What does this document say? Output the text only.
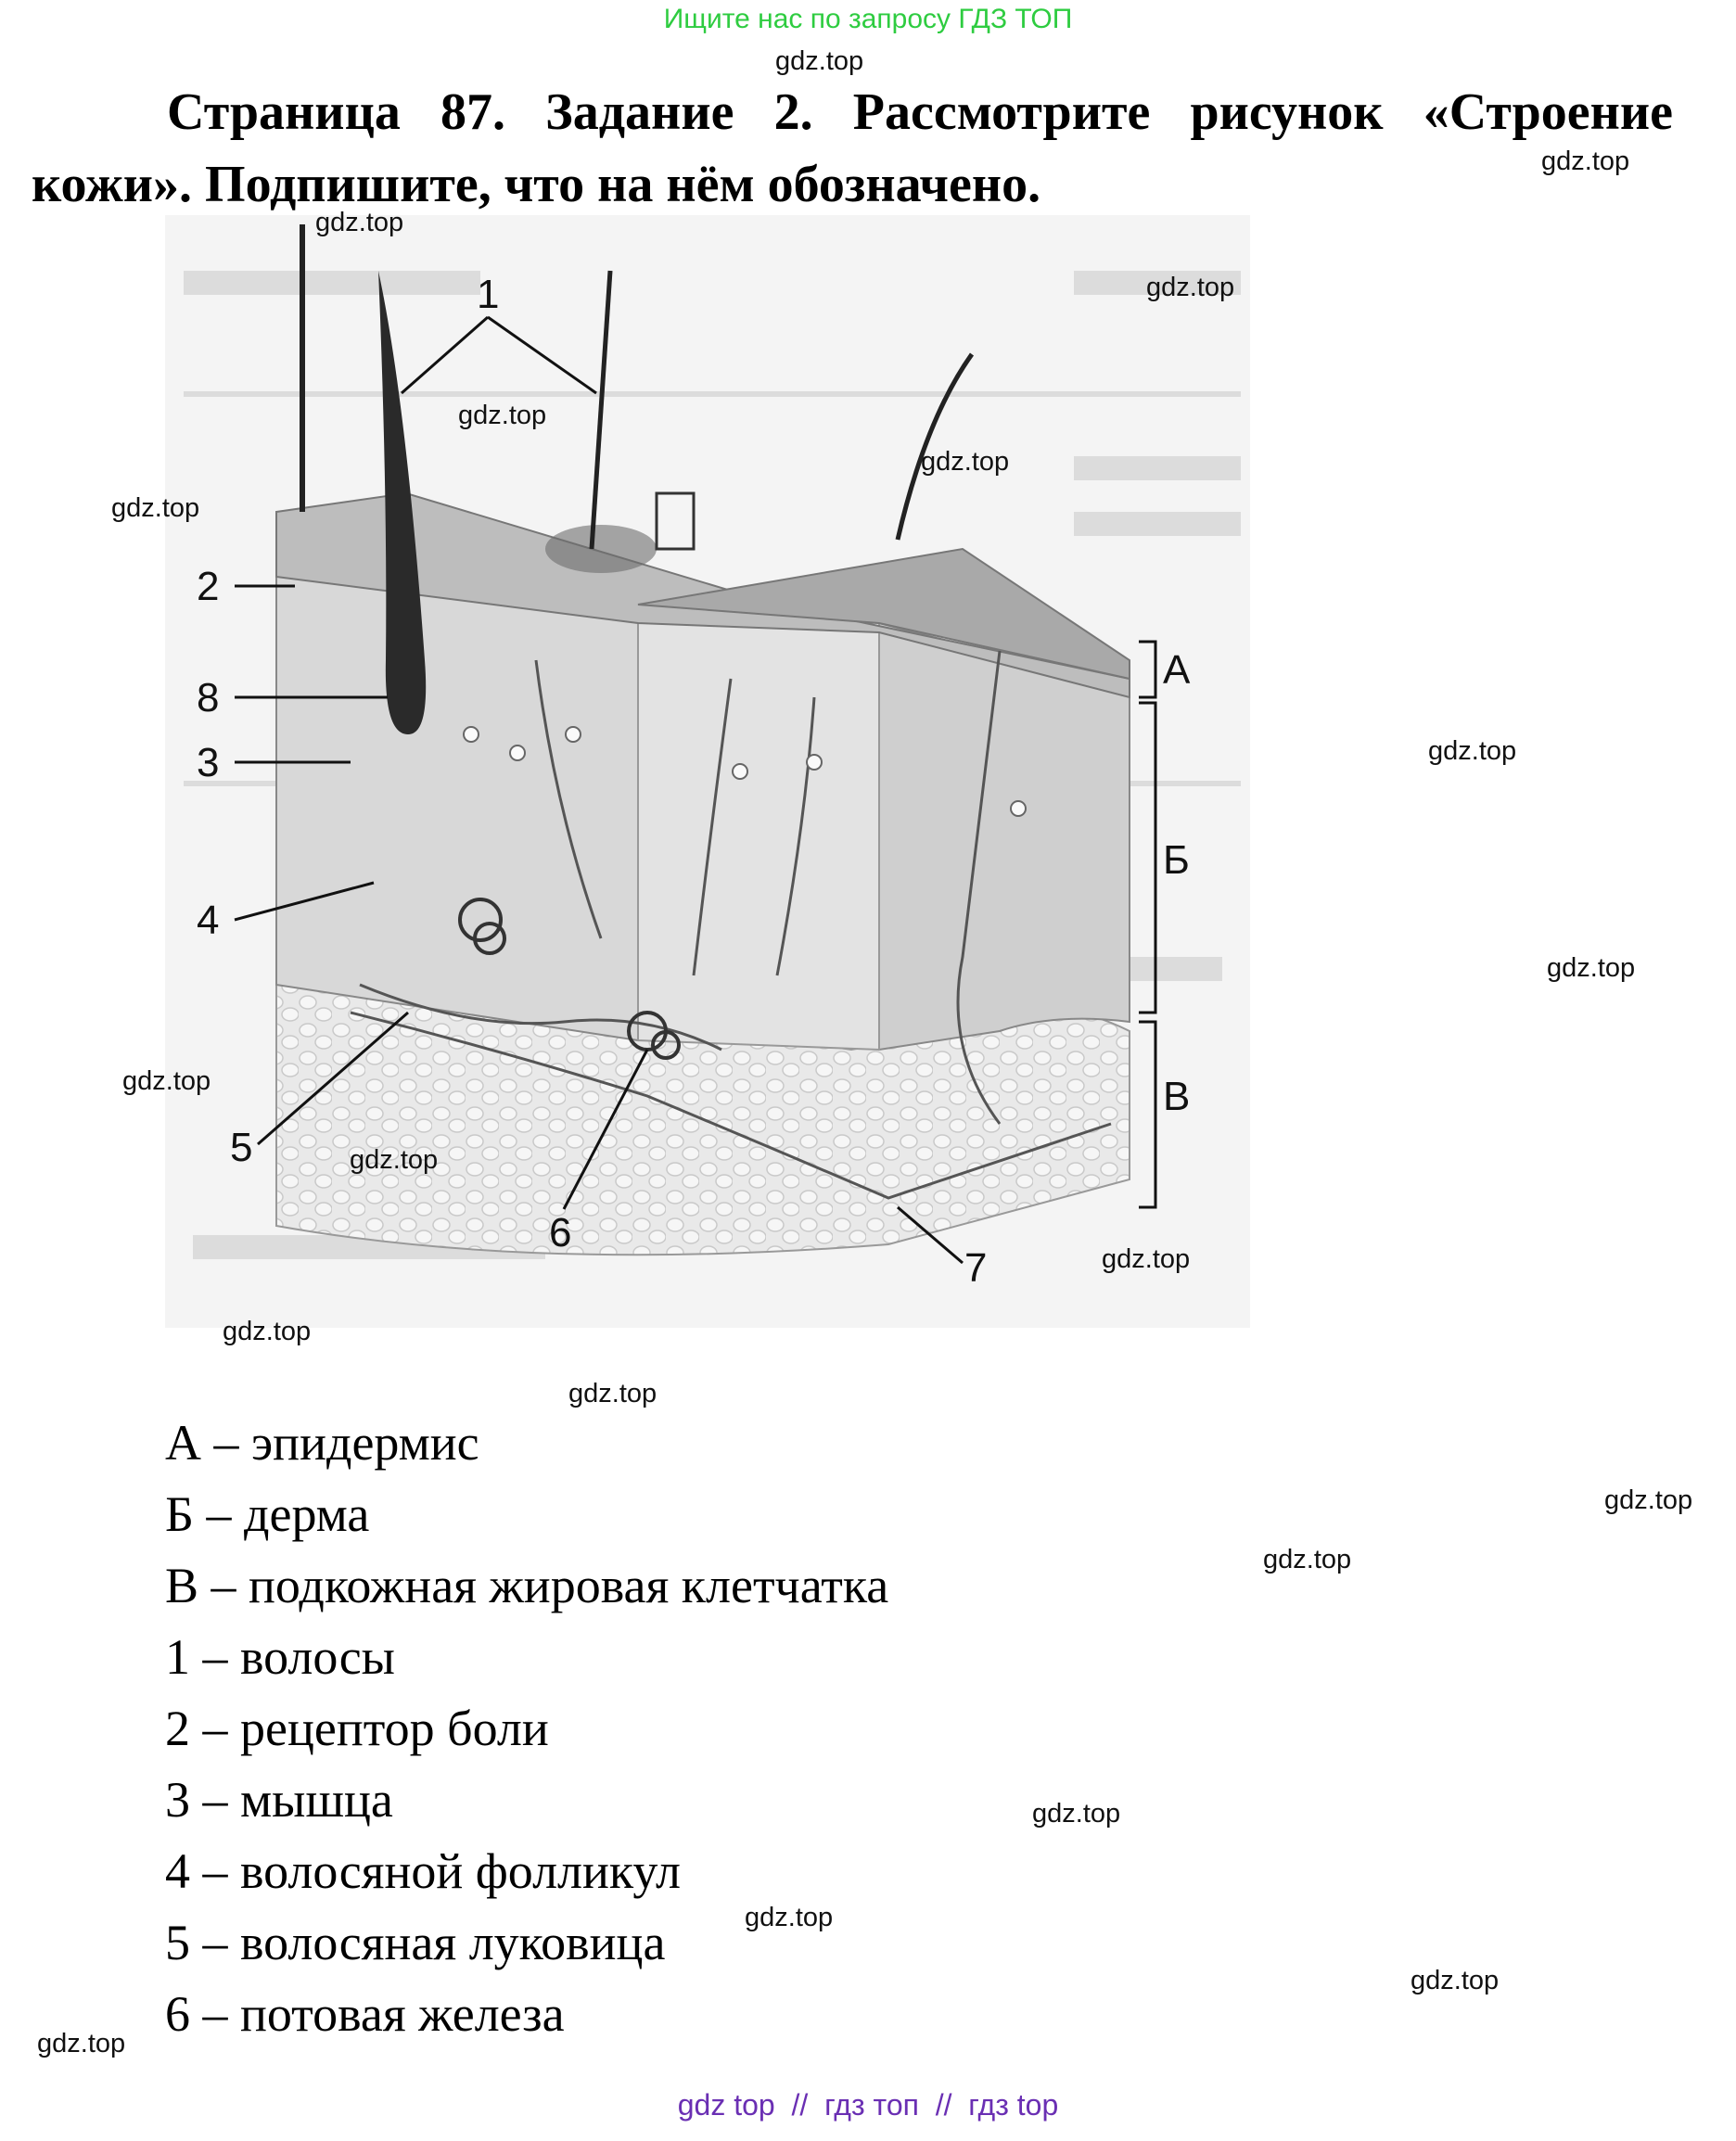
Ищите нас по запросу ГДЗ ТОП
Страница 87. Задание 2. Рассмотрите рисунок «Строение кожи». Подпишите, что на нём обозначено.
1
2
8
3
4
5
6
7
А
Б
В
А – эпидермис
Б – дерма
В – подкожная жировая клетчатка
1 – волосы
2 – рецептор боли
3 – мышца
4 – волосяной фолликул
5 – волосяная луковица
6 – потовая железа
gdz.top
gdz.top
gdz.top
gdz.top
gdz.top
gdz.top
gdz.top
gdz.top
gdz.top
gdz.top
gdz.top
gdz.top
gdz.top
gdz.top
gdz.top
gdz.top
gdz.top
gdz.top
gdz.top
gdz.top
gdz top  //  гдз топ  //  гдз top
